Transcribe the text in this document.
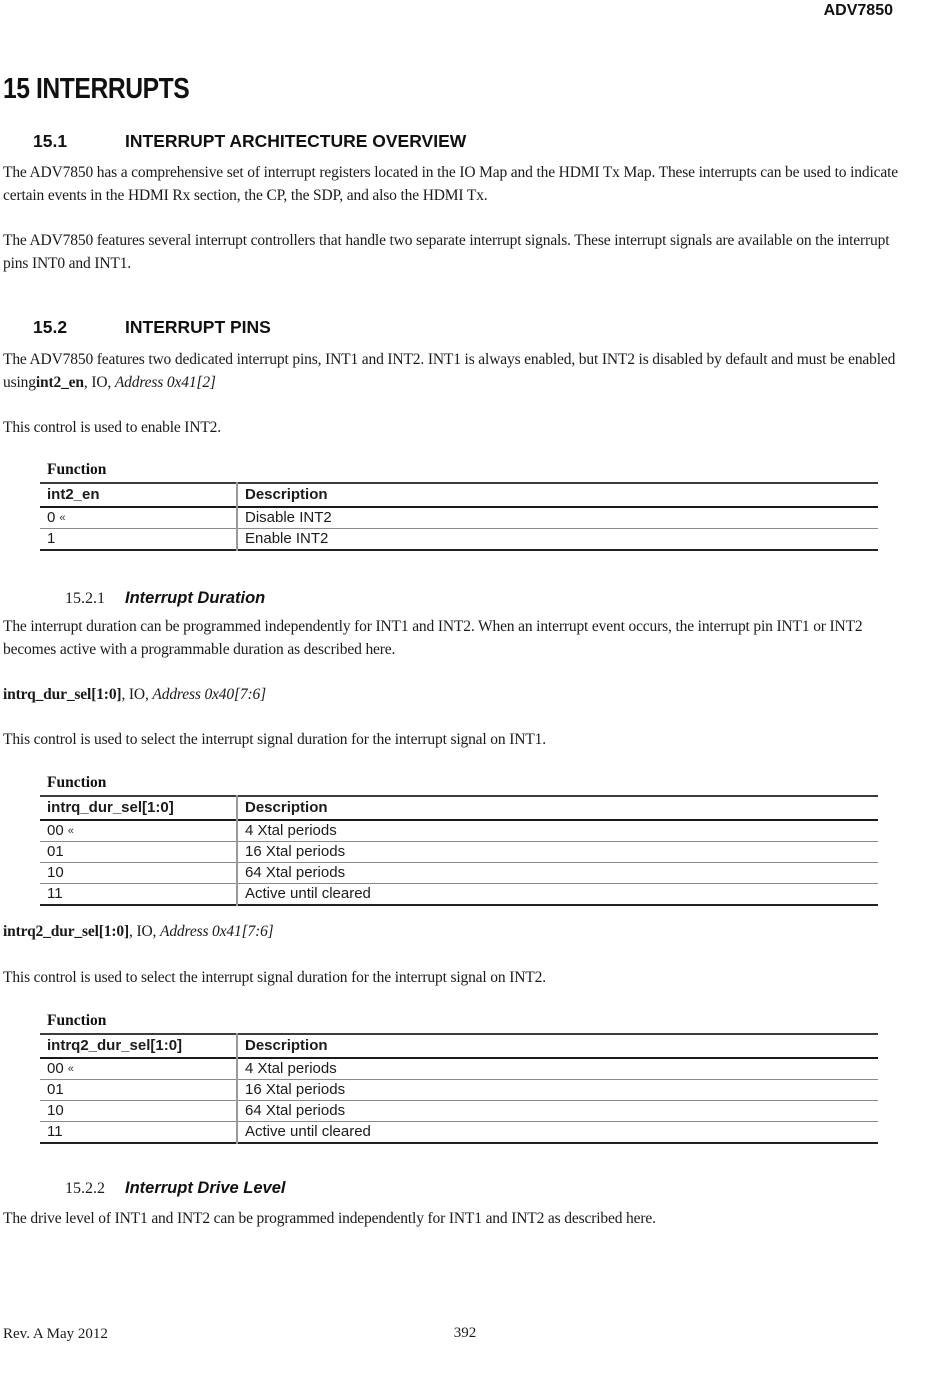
ADV7850
15 INTERRUPTS
15.1	INTERRUPT ARCHITECTURE OVERVIEW

The ADV7850 has a comprehensive set of interrupt registers located in the IO Map and the HDMI Tx Map. These interrupts can be used to indicate certain events in the HDMI Rx section, the CP, the SDP, and also the HDMI Tx.

The ADV7850 features several interrupt controllers that handle two separate interrupt signals. These interrupt signals are available on the interrupt pins INT0 and INT1.

15.2	INTERRUPT PINS

The ADV7850 features two dedicated interrupt pins, INT1 and INT2. INT1 is always enabled, but INT2 is disabled by default and must be enabled usingint2_en, IO, Address 0x41[2]

This control is used to enable INT2.

Function
int2_en	Description
0 «	Disable INT2
1	Enable INT2
15.2.1 Interrupt Duration

The interrupt duration can be programmed independently for INT1 and INT2. When an interrupt event occurs, the interrupt pin INT1 or INT2 becomes active with a programmable duration as described here.

intrq_dur_sel[1:0], IO, Address 0x40[7:6]

This control is used to select the interrupt signal duration for the interrupt signal on INT1.

Function
intrq_dur_sel[1:0]	Description
00 «	4 Xtal periods
01	16 Xtal periods
10	64 Xtal periods
11	Active until cleared

intrq2_dur_sel[1:0], IO, Address 0x41[7:6]

This control is used to select the interrupt signal duration for the interrupt signal on INT2.

Function
intrq2_dur_sel[1:0]	Description
00 «	4 Xtal periods
01	16 Xtal periods
10	64 Xtal periods
11	Active until cleared
15.2.2 Interrupt Drive Level

The drive level of INT1 and INT2 can be programmed independently for INT1 and INT2 as described here.

Rev. A May 2012	392
